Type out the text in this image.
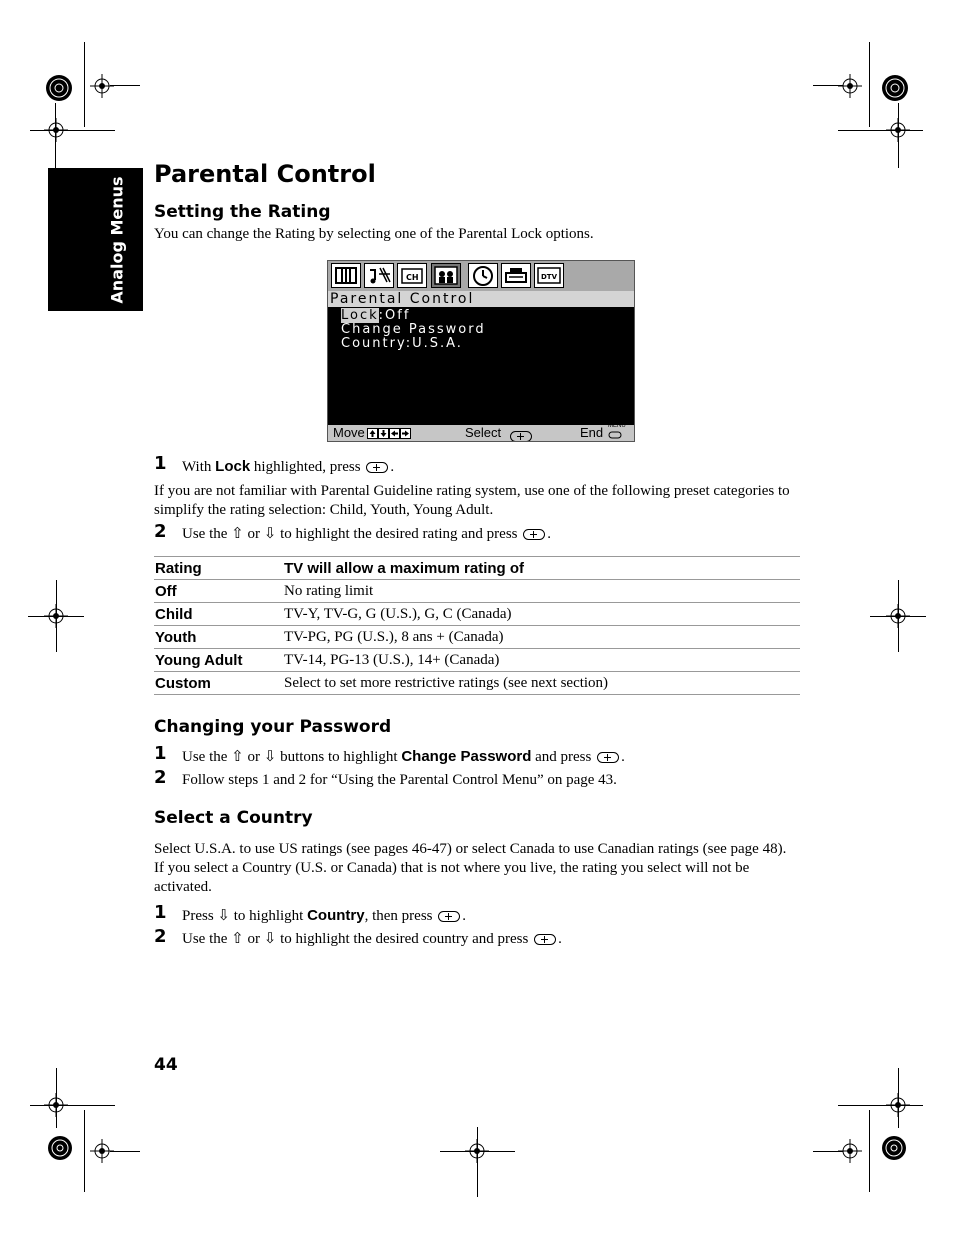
Analog Menus
Parental Control
Setting the Rating
You can change the Rating by selecting one of the Parental Lock options.
CH	DTV
Parental Control
Lock:Off
Change Password
Country:U.S.A.
Move	Select	End MENU
1 With Lock highlighted, press .
If you are not familiar with Parental Guideline rating system, use one of the following preset categories to simplify the rating selection: Child, Youth, Young Adult.
2 Use the ⇧ or ⇩ to highlight the desired rating and press .
Rating	TV will allow a maximum rating of
Off	No rating limit
Child	TV-Y, TV-G, G (U.S.), G, C (Canada)
Youth	TV-PG, PG (U.S.), 8 ans + (Canada)
Young Adult	TV-14, PG-13 (U.S.), 14+ (Canada)
Custom	Select to set more restrictive ratings (see next section)
Changing your Password
1 Use the ⇧ or ⇩ buttons to highlight Change Password and press .
2 Follow steps 1 and 2 for “Using the Parental Control Menu” on page 43.
Select a Country
Select U.S.A. to use US ratings (see pages 46-47) or select Canada to use Canadian ratings (see page 48). If you select a Country (U.S. or Canada) that is not where you live, the rating you select will not be activated.
1 Press ⇩ to highlight Country, then press .
2 Use the ⇧ or ⇩ to highlight the desired country and press .
44
